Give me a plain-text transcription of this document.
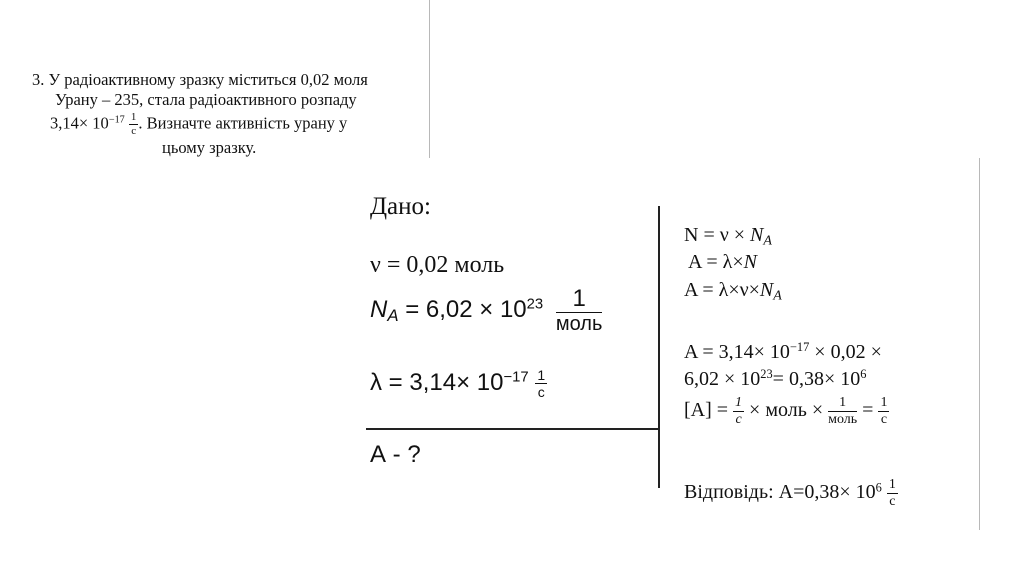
3. У радіоактивному зразку міститься 0,02 моля
Урану – 235, стала радіоактивного розпаду
$3,14\times 10^{-17} \frac{1}{с}$ . Визначте активність урану у
цьому зразку.
Дано:
ν = 0,02 моль
$N_A = 6,02 \times 10^{23} \frac{1}{\text{моль}}$
$\lambda = 3,14\times 10^{-17} \frac{1}{с}$
А - ?
$N = \nu \times N_A$
A = λ×N
$A = \lambda\times\nu\times N_A$
$A = 3,14\times 10^{-17} \times 0,02$ ×
$6,02 \times 10^{23}= 0,38\times 10^6$
$[A] = \frac{1}{с}$ × моль × $\frac{1}{\text{моль}} = \frac{1}{с}$
Відповідь: $А=0,38\times 10^6 \frac{1}{с}$
